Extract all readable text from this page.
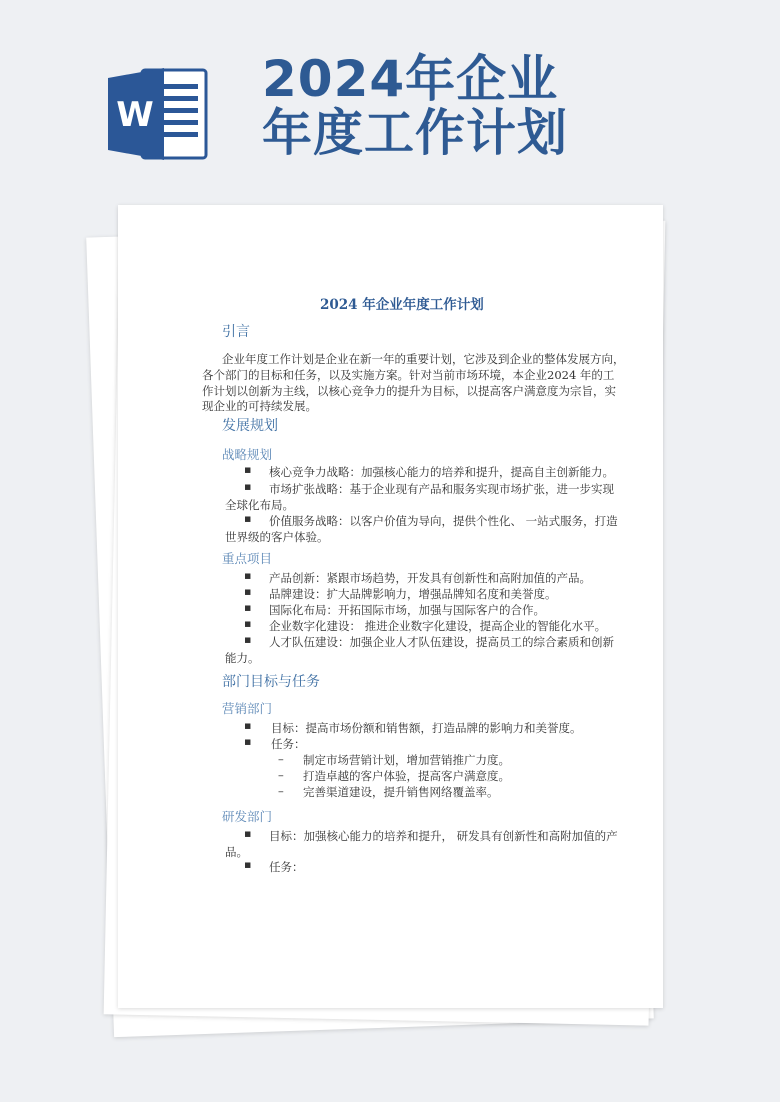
W
2024年企业年度工作计划
2024 年企业年度工作计划
引言
企业年度工作计划是企业在新一年的重要计划，它涉及到企业的整体发展方向，
各个部门的目标和任务，以及实施方案。针对当前市场环境，本企业2024 年的工
作计划以创新为主线，以核心竞争力的提升为目标，以提高客户满意度为宗旨，实
现企业的可持续发展。
发展规划
战略规划
▪ 核心竞争力战略：加强核心能力的培养和提升，提高自主创新能力。
▪ 市场扩张战略：基于企业现有产品和服务实现市场扩张，进一步实现
全球化布局。
▪ 价值服务战略：以客户价值为导向，提供个性化、 一站式服务，打造
世界级的客户体验。
重点项目
▪ 产品创新：紧跟市场趋势，开发具有创新性和高附加值的产品。
▪ 品牌建设：扩大品牌影响力，增强品牌知名度和美誉度。
▪ 国际化布局：开拓国际市场，加强与国际客户的合作。
▪ 企业数字化建设： 推进企业数字化建设，提高企业的智能化水平。
▪ 人才队伍建设：加强企业人才队伍建设，提高员工的综合素质和创新
能力。
部门目标与任务
营销部门
▪ 目标：提高市场份额和销售额，打造品牌的影响力和美誉度。
▪ 任务：
– 制定市场营销计划，增加营销推广力度。
– 打造卓越的客户体验，提高客户满意度。
– 完善渠道建设，提升销售网络覆盖率。
研发部门
▪ 目标：加强核心能力的培养和提升， 研发具有创新性和高附加值的产
品。
▪ 任务：
